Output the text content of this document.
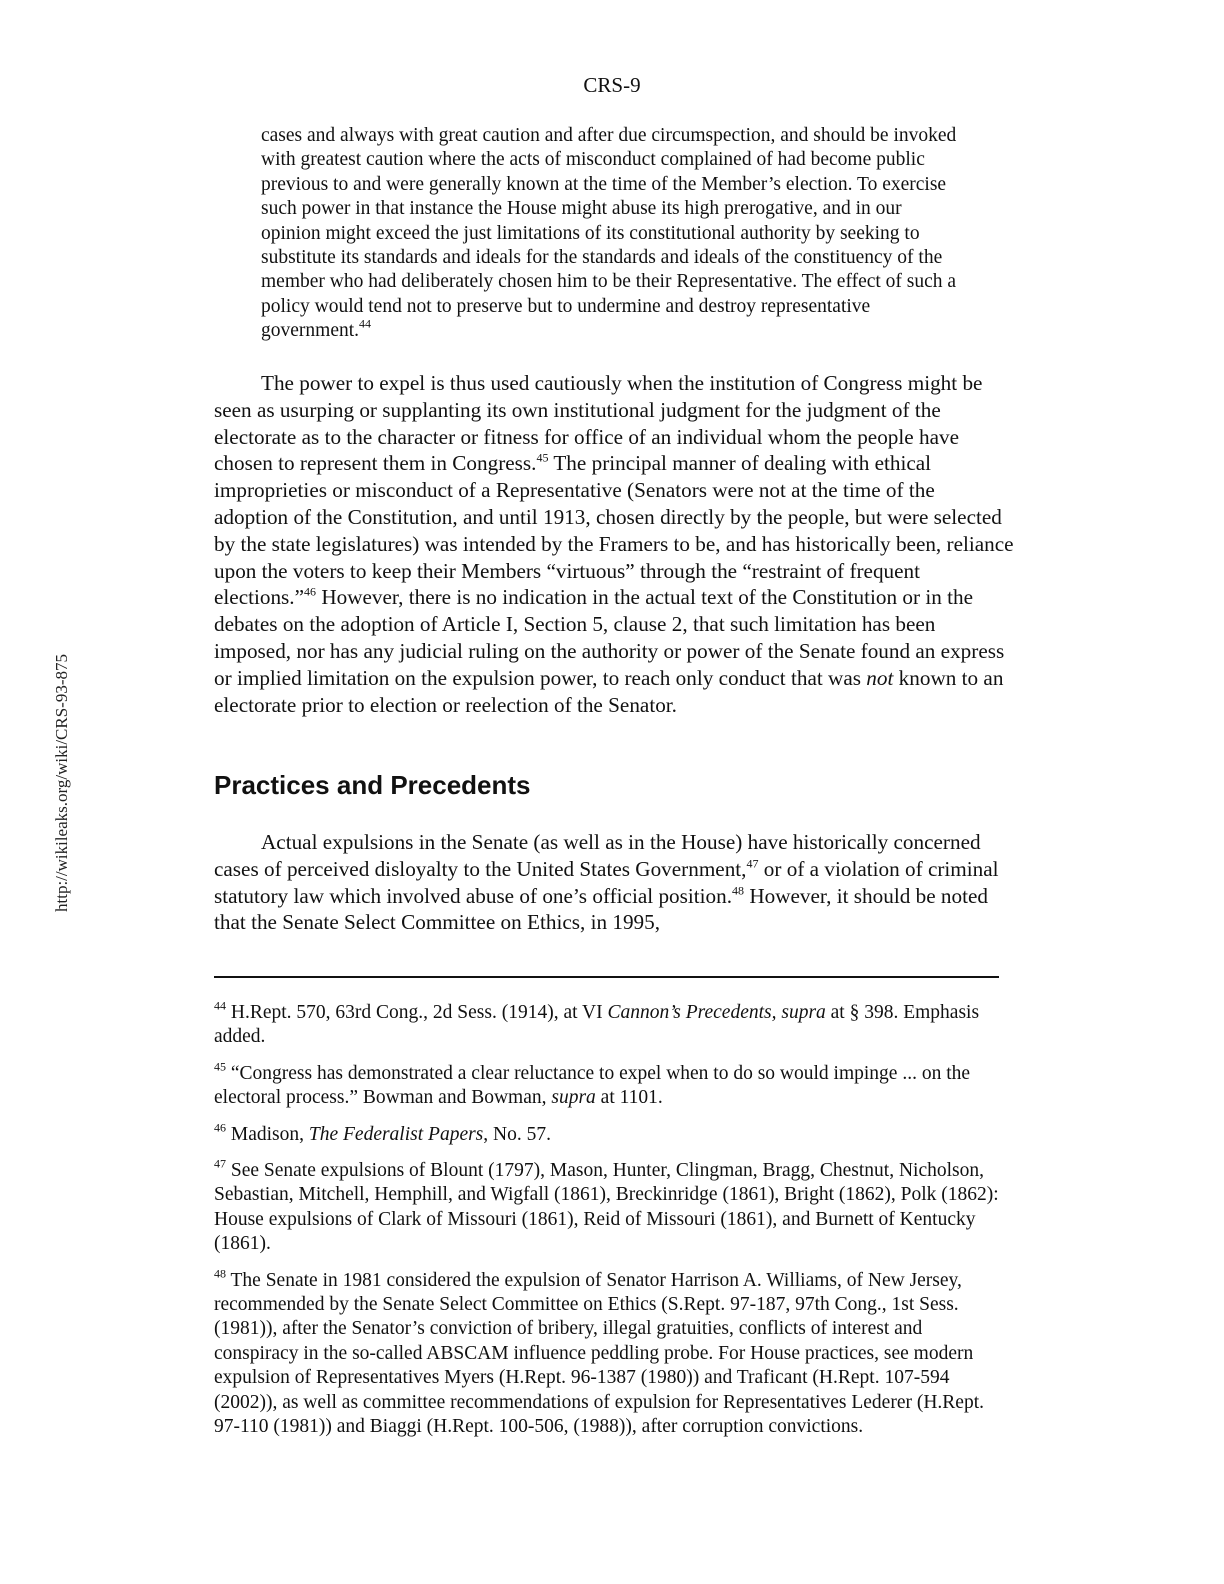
CRS-9
http://wikileaks.org/wiki/CRS-93-875
cases and always with great caution and after due circumspection, and should be invoked with greatest caution where the acts of misconduct complained of had become public previous to and were generally known at the time of the Member’s election. To exercise such power in that instance the House might abuse its high prerogative, and in our opinion might exceed the just limitations of its constitutional authority by seeking to substitute its standards and ideals for the standards and ideals of the constituency of the member who had deliberately chosen him to be their Representative. The effect of such a policy would tend not to preserve but to undermine and destroy representative government.$^{44}$

The power to expel is thus used cautiously when the institution of Congress might be seen as usurping or supplanting its own institutional judgment for the judgment of the electorate as to the character or fitness for office of an individual whom the people have chosen to represent them in Congress.$^{45}$ The principal manner of dealing with ethical improprieties or misconduct of a Representative (Senators were not at the time of the adoption of the Constitution, and until 1913, chosen directly by the people, but were selected by the state legislatures) was intended by the Framers to be, and has historically been, reliance upon the voters to keep their Members “virtuous” through the “restraint of frequent elections.”$^{46}$ However, there is no indication in the actual text of the Constitution or in the debates on the adoption of Article I, Section 5, clause 2, that such limitation has been imposed, nor has any judicial ruling on the authority or power of the Senate found an express or implied limitation on the expulsion power, to reach only conduct that was not known to an electorate prior to election or reelection of the Senator.

Practices and Precedents

Actual expulsions in the Senate (as well as in the House) have historically concerned cases of perceived disloyalty to the United States Government,$^{47}$ or of a violation of criminal statutory law which involved abuse of one’s official position.$^{48}$ However, it should be noted that the Senate Select Committee on Ethics, in 1995,

$^{44}$ H.Rept. 570, 63rd Cong., 2d Sess. (1914), at VI Cannon’s Precedents, supra at § 398. Emphasis added.

$^{45}$ “Congress has demonstrated a clear reluctance to expel when to do so would impinge ... on the electoral process.” Bowman and Bowman, supra at 1101.

$^{46}$ Madison, The Federalist Papers, No. 57.

$^{47}$ See Senate expulsions of Blount (1797), Mason, Hunter, Clingman, Bragg, Chestnut, Nicholson, Sebastian, Mitchell, Hemphill, and Wigfall (1861), Breckinridge (1861), Bright (1862), Polk (1862): House expulsions of Clark of Missouri (1861), Reid of Missouri (1861), and Burnett of Kentucky (1861).

$^{48}$ The Senate in 1981 considered the expulsion of Senator Harrison A. Williams, of New Jersey, recommended by the Senate Select Committee on Ethics (S.Rept. 97-187, 97th Cong., 1st Sess. (1981)), after the Senator’s conviction of bribery, illegal gratuities, conflicts of interest and conspiracy in the so-called ABSCAM influence peddling probe. For House practices, see modern expulsion of Representatives Myers (H.Rept. 96-1387 (1980)) and Traficant (H.Rept. 107-594 (2002)), as well as committee recommendations of expulsion for Representatives Lederer (H.Rept. 97-110 (1981)) and Biaggi (H.Rept. 100-506, (1988)), after corruption convictions.
